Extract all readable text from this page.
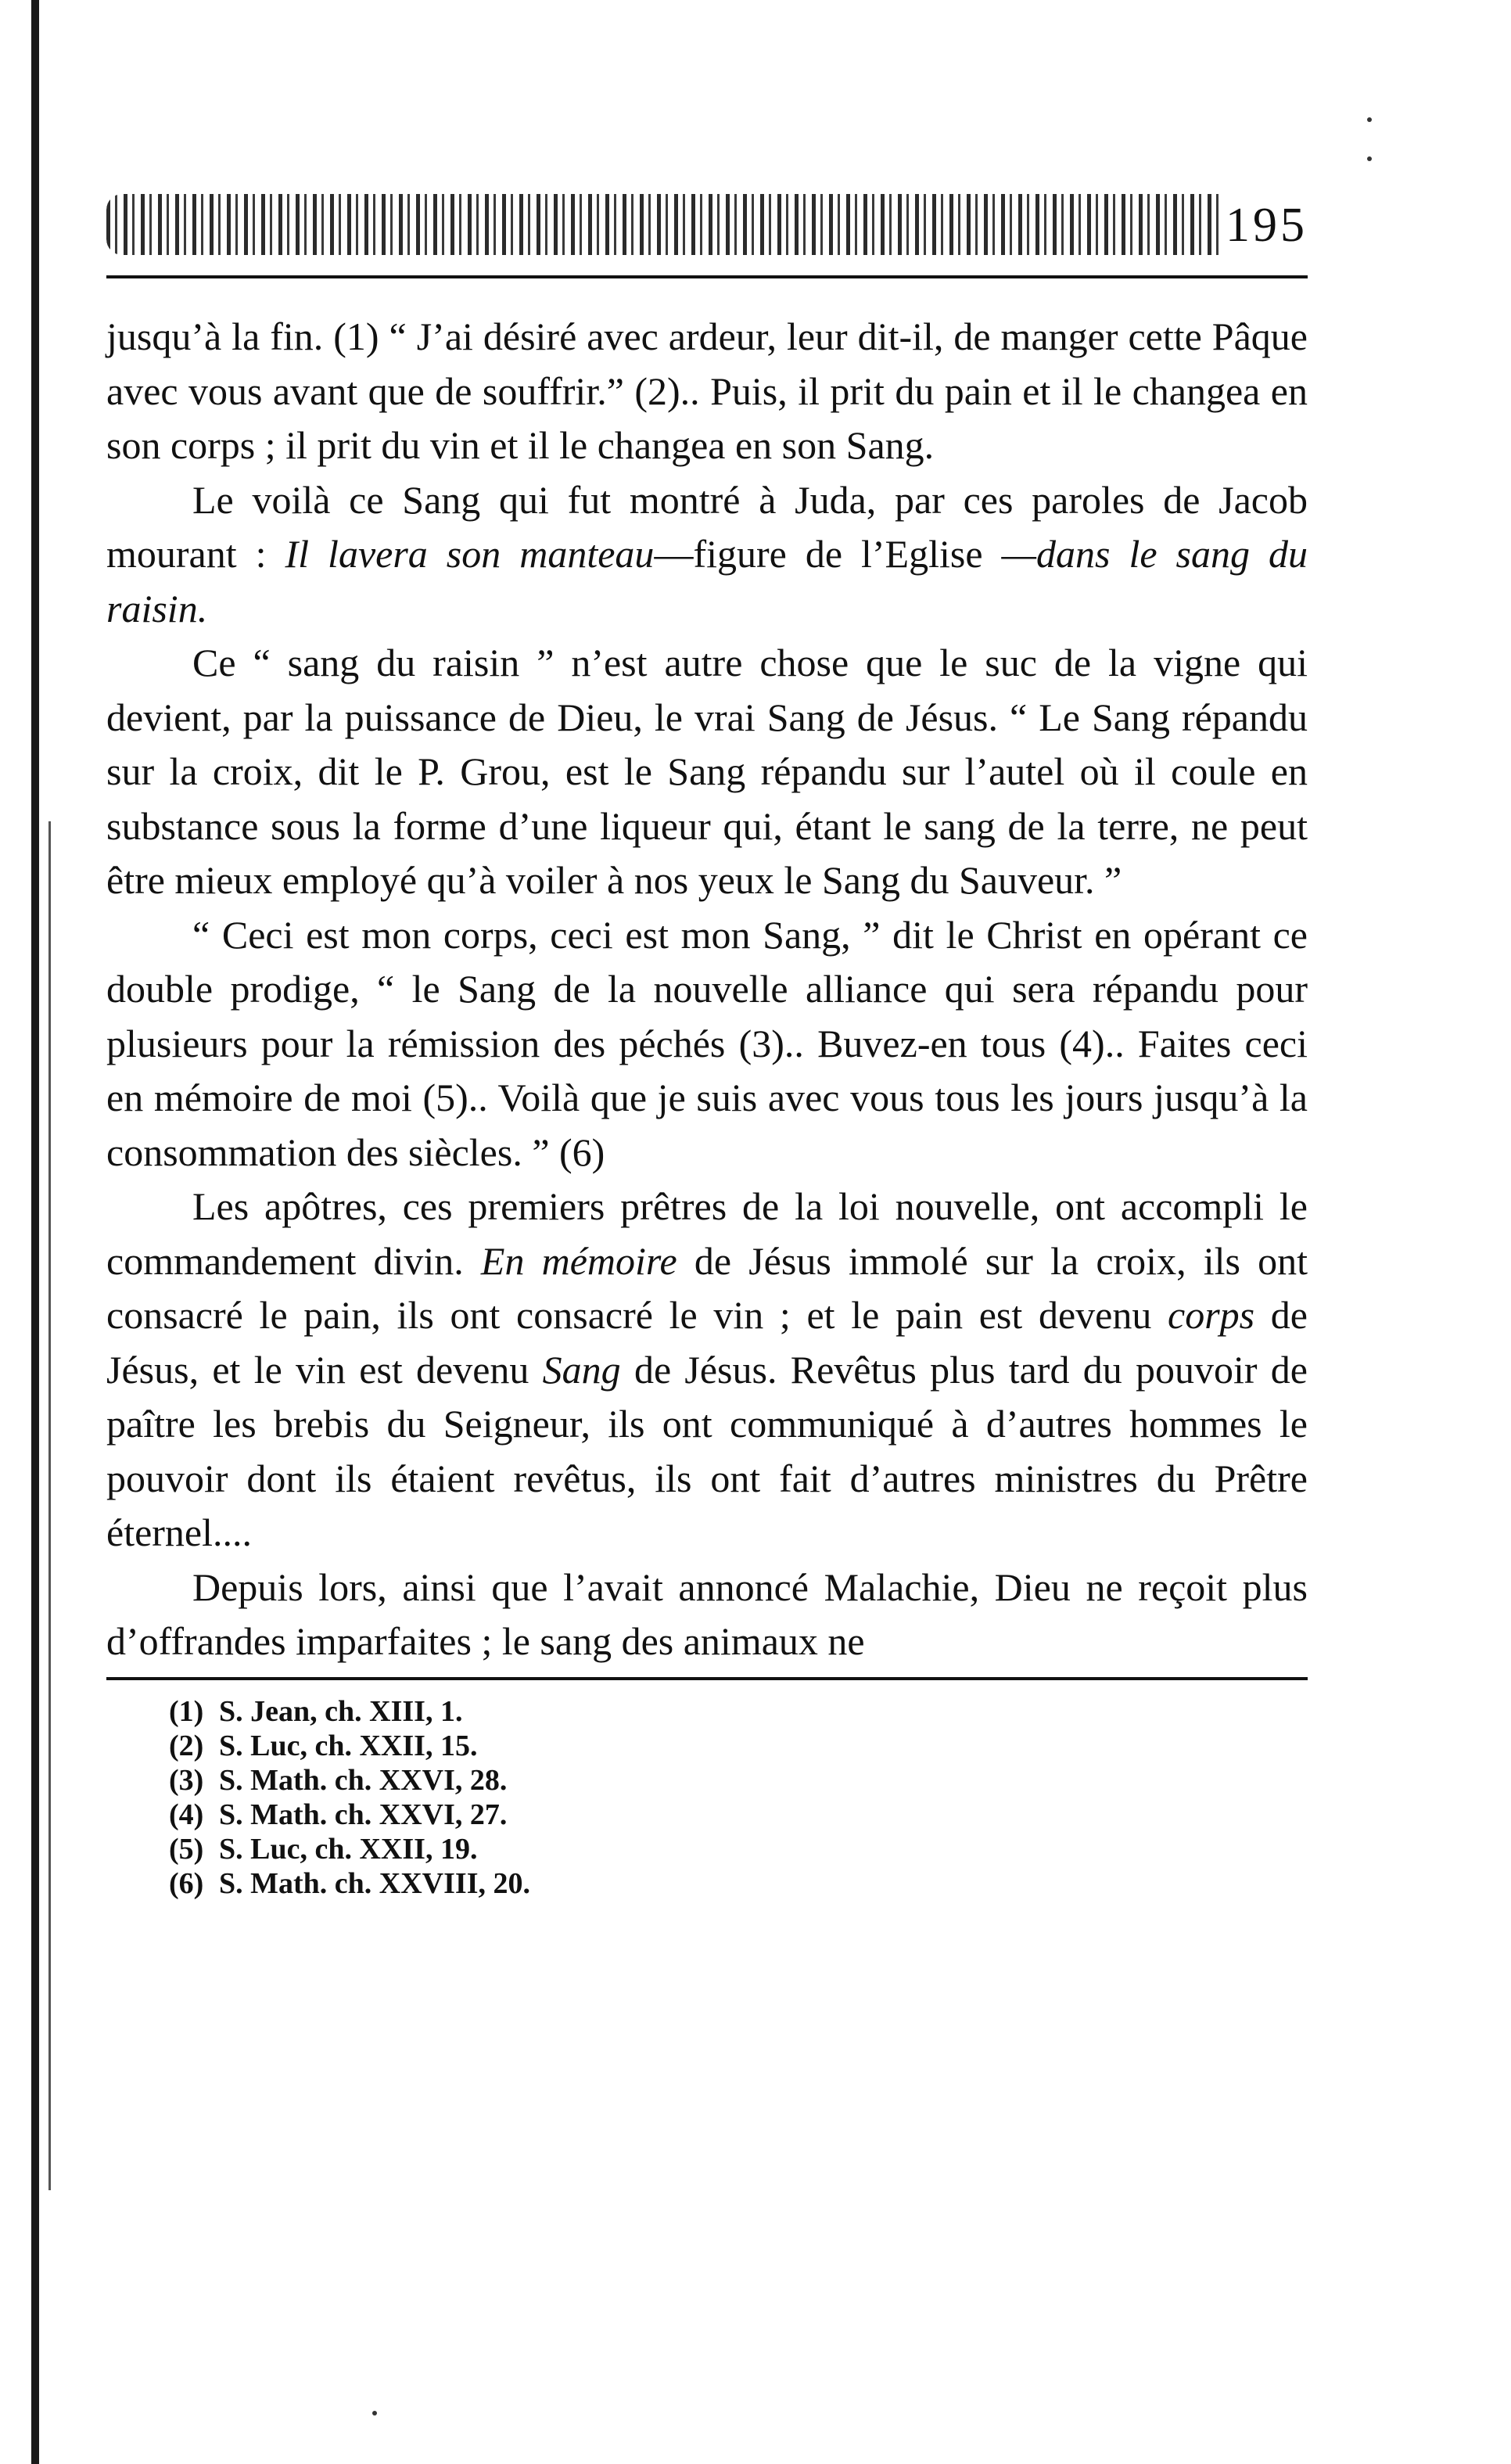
195

jusqu’à la fin. (1) “ J’ai désiré avec ardeur, leur dit-il, de manger cette Pâque avec vous avant que de souffrir.” (2).. Puis, il prit du pain et il le changea en son corps ; il prit du vin et il le changea en son Sang.

Le voilà ce Sang qui fut montré à Juda, par ces paroles de Jacob mourant : Il lavera son manteau—figure de l’Eglise —dans le sang du raisin.

Ce “ sang du raisin ” n’est autre chose que le suc de la vigne qui devient, par la puissance de Dieu, le vrai Sang de Jésus. “ Le Sang répandu sur la croix, dit le P. Grou, est le Sang répandu sur l’autel où il coule en substance sous la forme d’une liqueur qui, étant le sang de la terre, ne peut être mieux employé qu’à voiler à nos yeux le Sang du Sauveur. ”

“ Ceci est mon corps, ceci est mon Sang, ” dit le Christ en opérant ce double prodige, “ le Sang de la nouvelle alliance qui sera répandu pour plusieurs pour la rémission des péchés (3).. Buvez-en tous (4).. Faites ceci en mémoire de moi (5).. Voilà que je suis avec vous tous les jours jusqu’à la consommation des siècles. ” (6)

Les apôtres, ces premiers prêtres de la loi nouvelle, ont accompli le commandement divin. En mémoire de Jésus immolé sur la croix, ils ont consacré le pain, ils ont consacré le vin ; et le pain est devenu corps de Jésus, et le vin est devenu Sang de Jésus. Revêtus plus tard du pouvoir de paître les brebis du Seigneur, ils ont communiqué à d’autres hommes le pouvoir dont ils étaient revêtus, ils ont fait d’autres ministres du Prêtre éternel....

Depuis lors, ainsi que l’avait annoncé Malachie, Dieu ne reçoit plus d’offrandes imparfaites ; le sang des animaux ne

(1) S. Jean, ch. XIII, 1.
(2) S. Luc, ch. XXII, 15.
(3) S. Math. ch. XXVI, 28.
(4) S. Math. ch. XXVI, 27.
(5) S. Luc, ch. XXII, 19.
(6) S. Math. ch. XXVIII, 20.
